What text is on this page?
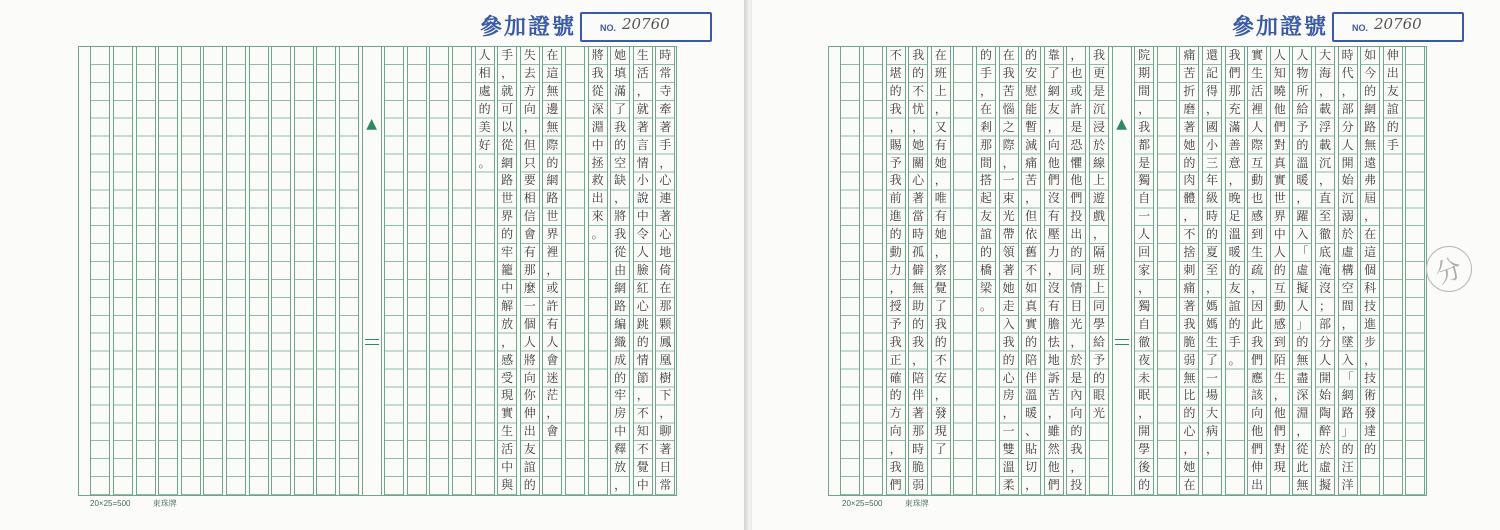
參加證號	NO. 20760
時
常
寺
牽
著
手
，
心
連
著
心
地
倚
在
那
颗
鳳
凰
樹
下
，
聊
著
日
常
生
活
，
就
著
言
情
小
說
中
令
人
臉
紅
心
跳
的
情
節
，
不
知
不
覺
中
她
填
滿
了
我
的
空
缺
，
將
我
從
由
網
路
編
織
成
的
牢
房
中
釋
放
，
將
我
從
深
淵
中
拯
救
出
來
。
在
這
無
邊
無
際
的
網
路
世
界
裡
，
或
許
有
人
會
迷
茫
，
會
失
去
方
向
，
但
只
要
相
信
會
有
那
麼
一
個
人
將
向
你
伸
出
友
誼
的
手
，
就
可
以
從
網
路
世
界
的
牢
籠
中
解
放
，
感
受
現
實
生
活
中
與
人
相
處
的
美
好
。
▲
20×25=500	東珠牌
參加證號	NO. 20760
伸
出
友
誼
的
手
如
今
的
網
路
無
遠
弗
屆
，
在
這
個
科
技
進
步
，
技
術
發
達
的
時
代
，
部
分
人
開
始
沉
溺
於
虛
構
空
間
，
墜
入
「
網
路
」
的
汪
洋
大
海
，
載
浮
載
沉
，
直
至
徹
底
淹
沒
；
部
分
人
開
始
陶
醉
於
虛
擬
人
物
所
給
予
的
溫
暖
，
躍
入
「
虛
擬
人
」
的
無
盡
深
淵
，
從
此
無
人
知
曉
他
們
對
真
實
世
界
中
人
的
互
動
感
到
陌
生
，
他
們
對
現
實
生
活
裡
人
際
互
動
也
感
到
生
疏
，
因
此
我
們
應
該
向
他
們
伸
出
我
們
那
充
滿
善
意
，
晚
足
溫
暖
的
友
誼
的
手
。
還
記
得
，
國
小
三
年
級
時
的
夏
至
，
媽
媽
生
了
一
場
大
病
，
痛
苦
折
磨
著
她
的
肉
體
，
不
捨
刺
痛
著
我
脆
弱
無
比
的
心
，
她
在
院
期
間
，
我
都
是
獨
自
一
人
回
家
，
獨
自
徹
夜
未
眠
，
開
學
後
的
▲
我
更
是
沉
浸
於
線
上
遊
戲
，
隔
班
上
同
學
給
予
的
眼
光
，
也
或
許
是
恐
懼
他
們
投
出
的
同
情
目
光
，
於
是
內
向
的
我
，
投
靠
了
網
友
，
向
他
們
沒
有
壓
力
，
沒
有
膽
怯
地
訴
苦
，
雖
然
他
們
的
安
慰
能
暫
減
痛
苦
，
但
依
舊
不
如
真
實
的
陪
伴
溫
暖
、
貼
切
，
在
我
苦
惱
之
際
，
一
束
光
帶
領
著
她
走
入
我
的
心
房
，
一
雙
溫
柔
的
手
，
在
剎
那
間
搭
起
友
誼
的
橋
梁
。
在
班
上
，
又
有
她
，
唯
有
她
，
察
覺
了
我
的
不
安
，
發
現
了
我
的
不
忧
，
她
關
心
著
當
時
孤
僻
無
助
的
我
，
陪
伴
著
那
時
脆
弱
不
堪
的
我
，
賜
予
我
前
進
的
動
力
，
授
予
我
正
確
的
方
向
，
我
們
20×25=500	東珠牌
分
